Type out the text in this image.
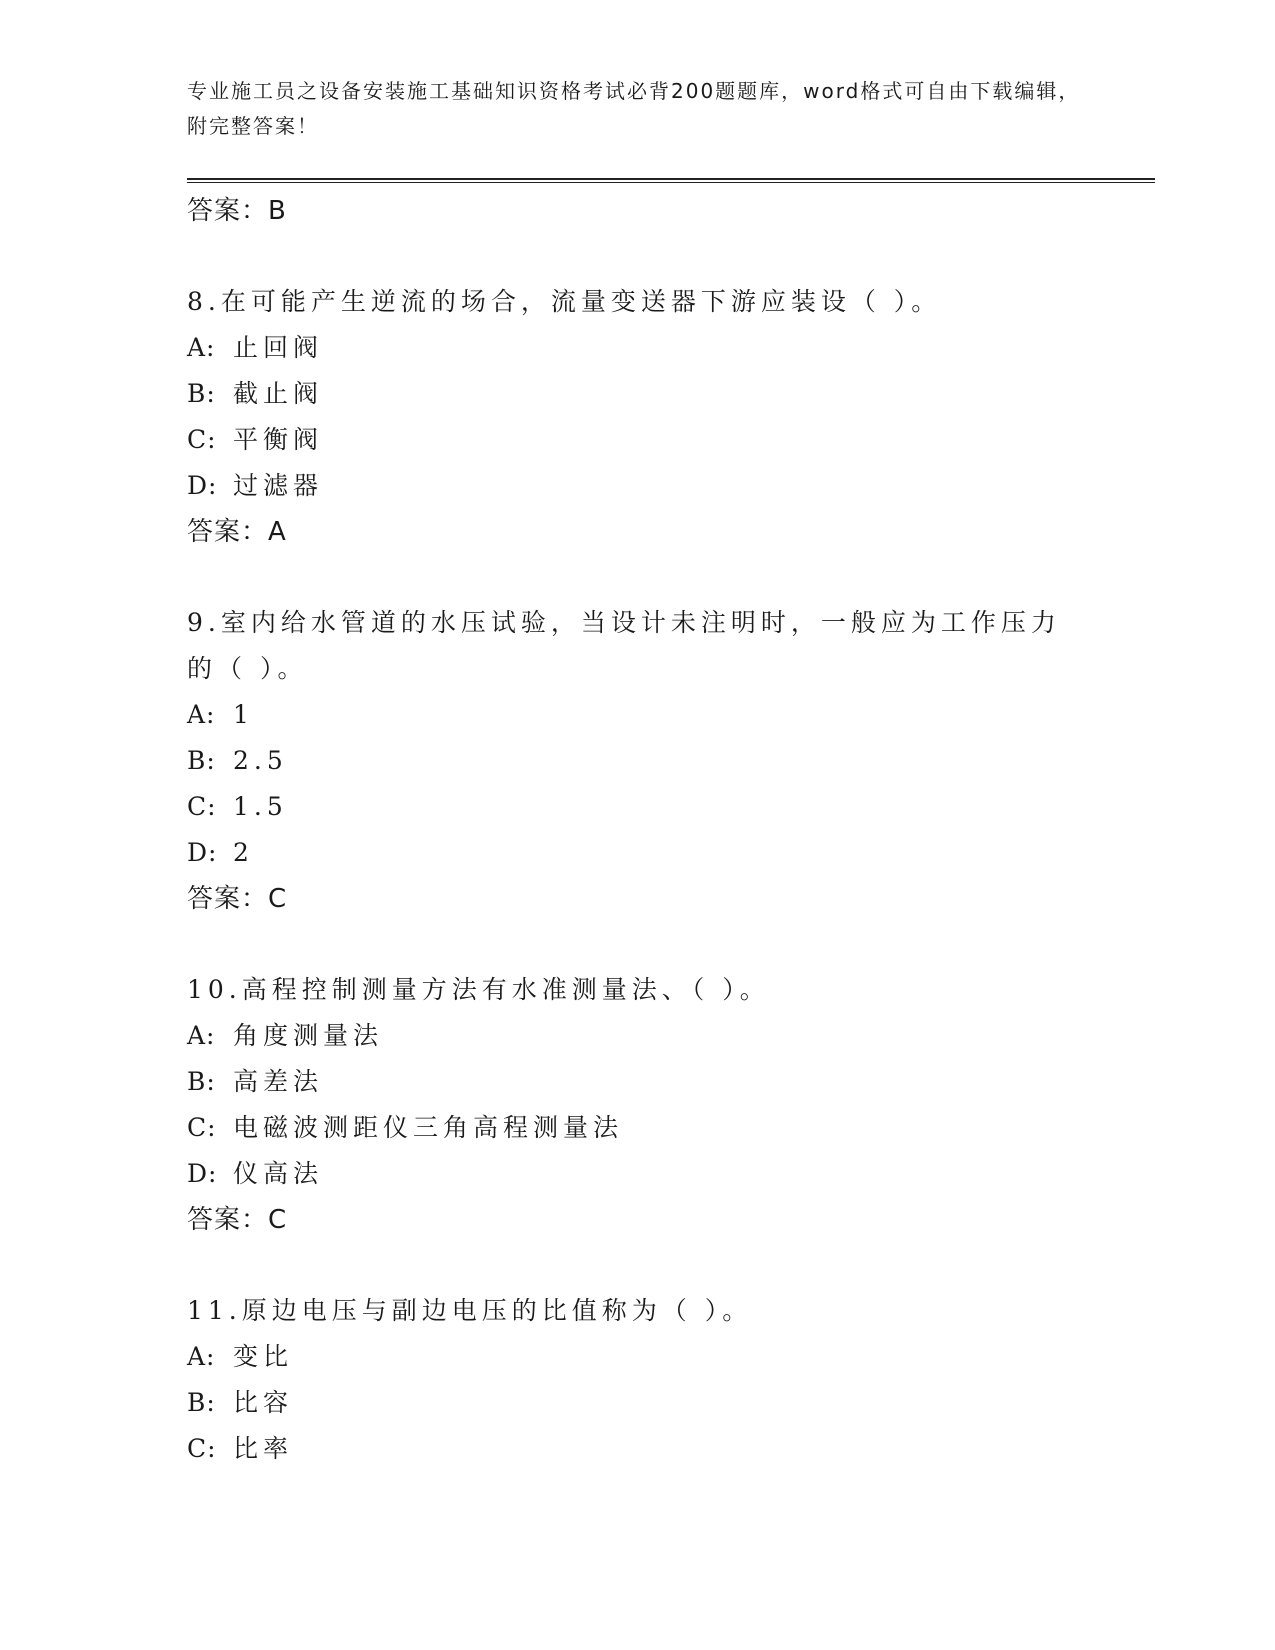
专业施工员之设备安装施工基础知识资格考试必背200题题库，word格式可自由下载编辑，附完整答案！
答案：B
8.在可能产生逆流的场合，流量变送器下游应装设（ ）。
A: 止回阀
B: 截止阀
C: 平衡阀
D: 过滤器
答案：A
9.室内给水管道的水压试验，当设计未注明时，一般应为工作压力的（ ）。
A: 1
B: 2.5
C: 1.5
D: 2
答案：C
10.高程控制测量方法有水准测量法、（ ）。
A: 角度测量法
B: 高差法
C: 电磁波测距仪三角高程测量法
D: 仪高法
答案：C
11.原边电压与副边电压的比值称为（ ）。
A: 变比
B: 比容
C: 比率
